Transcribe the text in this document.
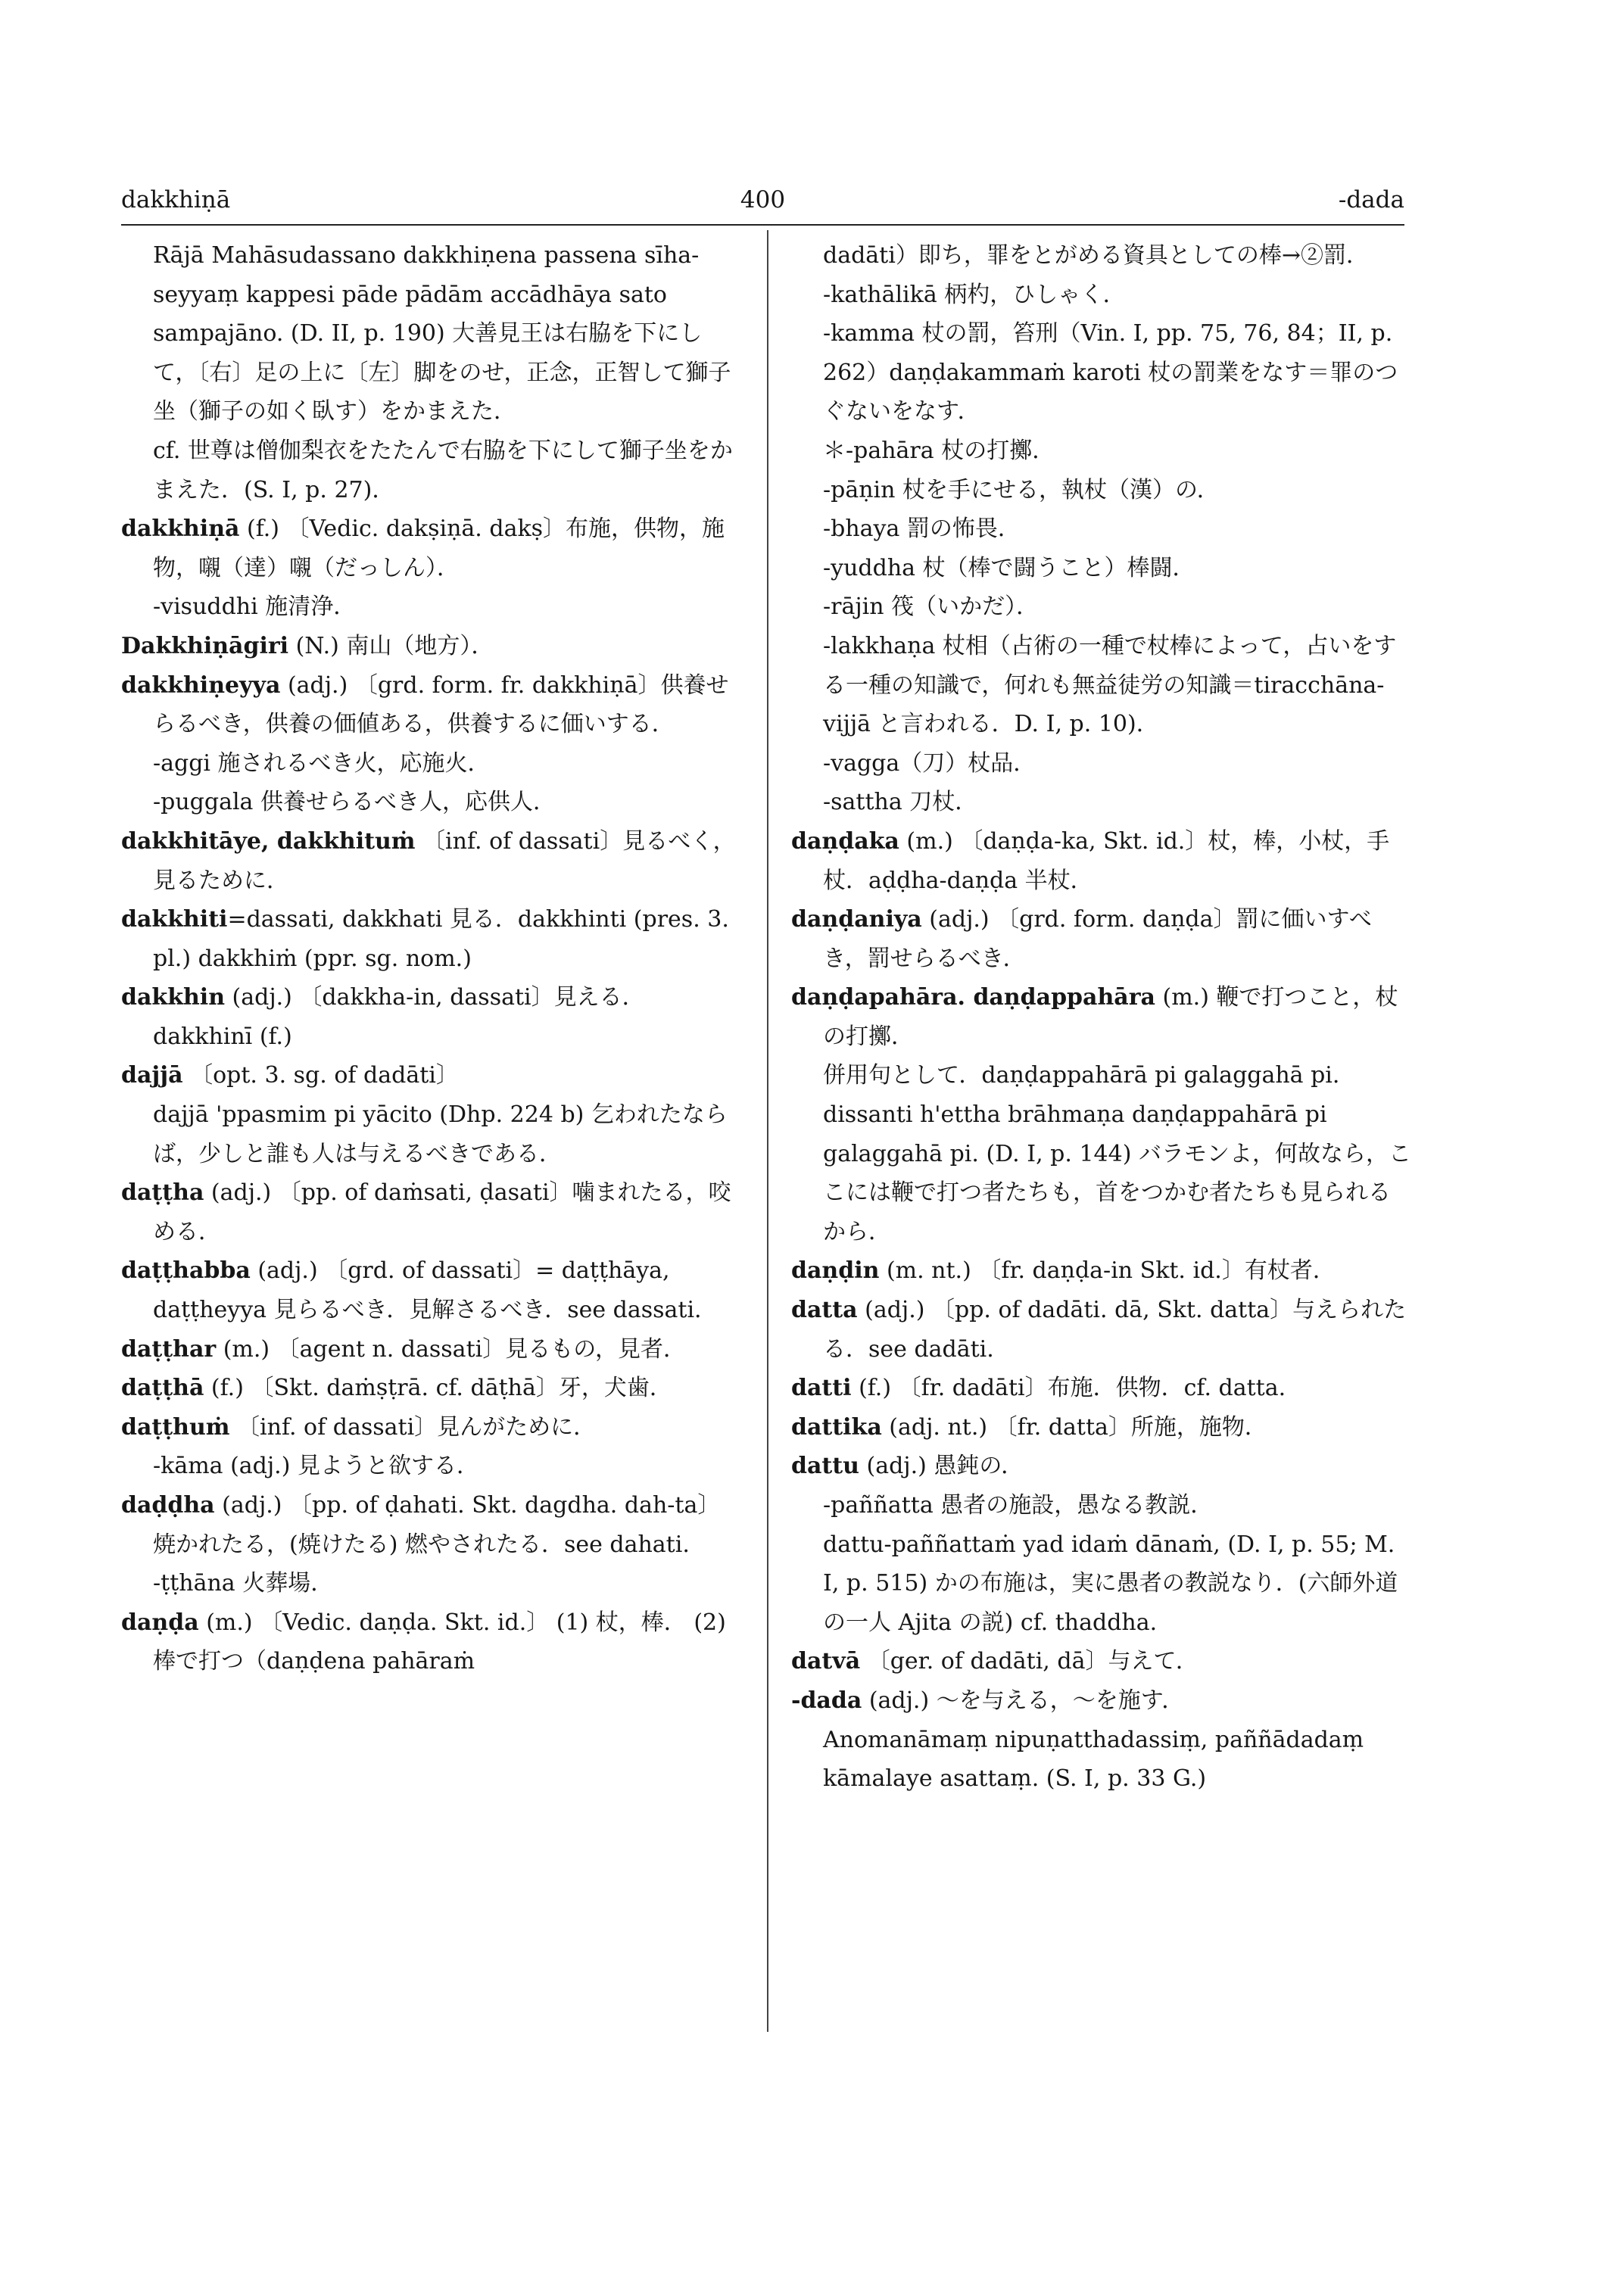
dakkhiṇā	400	-dada

Rājā Mahāsudassano dakkhiṇena passena sīha-seyyaṃ kappesi pāde pādām accādhāya sato sampajāno. (D. II, p. 190) 大善見王は右脇を下にして，〔右〕足の上に〔左〕脚をのせ，正念，正智して獅子坐（獅子の如く臥す）をかまえた．

cf. 世尊は僧伽梨衣をたたんで右脇を下にして獅子坐をかまえた．(S. I, p. 27)．

dakkhiṇā (f.) 〔Vedic. dakṣiṇā. dakṣ〕布施，供物，施物，嚫（達）嚫（だっしん）．

-visuddhi 施清浄．

Dakkhiṇāgiri (N.) 南山（地方）．

dakkhiṇeyya (adj.) 〔grd. form. fr. dakkhiṇā〕供養せらるべき，供養の価値ある，供養するに価いする．

-aggi 施されるべき火，応施火．

-puggala 供養せらるべき人，応供人．

dakkhitāye, dakkhituṁ 〔inf. of dassati〕見るべく，見るために．

dakkhiti=dassati, dakkhati 見る．dakkhinti (pres. 3. pl.) dakkhiṁ (ppr. sg. nom.)

dakkhin (adj.) 〔dakkha-in, dassati〕見える．

dakkhinī (f.)

dajjā 〔opt. 3. sg. of dadāti〕

dajjā 'ppasmim pi yācito (Dhp. 224 b) 乞われたならば，少しと誰も人は与えるべきである．

daṭṭha (adj.) 〔pp. of daṁsati, ḍasati〕噛まれたる，咬める．

daṭṭhabba (adj.) 〔grd. of dassati〕= daṭṭhāya, daṭṭheyya 見らるべき．見解さるべき．see dassati.

daṭṭhar (m.) 〔agent n. dassati〕見るもの，見者．

daṭṭhā (f.) 〔Skt. daṁṣṭrā. cf. dāṭhā〕牙，犬歯．

daṭṭhuṁ 〔inf. of dassati〕見んがために．

-kāma (adj.) 見ようと欲する．

daḍḍha (adj.) 〔pp. of ḍahati. Skt. dagdha. dah-ta〕焼かれたる，(焼けたる) 燃やされたる．see dahati.

-ṭṭhāna 火葬場．

daṇḍa (m.) 〔Vedic. daṇḍa. Skt. id.〕 (1) 杖，棒． (2) 棒で打つ（daṇḍena pahāraṁ

dadāti）即ち，罪をとがめる資具としての棒→②罰．

-kathālikā 柄杓，ひしゃく．

-kamma 杖の罰，笞刑（Vin. I, pp. 75, 76, 84；II, p. 262）daṇḍakammaṁ karoti 杖の罰業をなす＝罪のつぐないをなす．

＊-pahāra 杖の打擲．

-pāṇin 杖を手にせる，執杖（漢）の．

-bhaya 罰の怖畏．

-yuddha 杖（棒で闘うこと）棒闘．

-rājin 筏（いかだ）．

-lakkhaṇa 杖相（占術の一種で杖棒によって，占いをする一種の知識で，何れも無益徒労の知識＝tiracchāna-vijjā と言われる．D. I, p. 10)．

-vagga（刀）杖品．

-sattha 刀杖．

daṇḍaka (m.) 〔daṇḍa-ka, Skt. id.〕杖，棒，小杖，手杖．aḍḍha-daṇḍa 半杖．

daṇḍaniya (adj.) 〔grd. form. daṇḍa〕罰に価いすべき，罰せらるべき．

daṇḍapahāra. daṇḍappahāra (m.) 鞭で打つこと，杖の打擲．

併用句として．daṇḍappahārā pi galaggahā pi. dissanti h'ettha brāhmaṇa daṇḍappahārā pi galaggahā pi. (D. I, p. 144) バラモンよ，何故なら，ここには鞭で打つ者たちも，首をつかむ者たちも見られるから．

daṇḍin (m. nt.) 〔fr. daṇḍa-in Skt. id.〕有杖者．

datta (adj.) 〔pp. of dadāti. dā, Skt. datta〕与えられたる．see dadāti.

datti (f.) 〔fr. dadāti〕布施．供物．cf. datta.

dattika (adj. nt.) 〔fr. datta〕所施，施物．

dattu (adj.) 愚鈍の．

-paññatta 愚者の施設，愚なる教説．

dattu-paññattaṁ yad idaṁ dānaṁ, (D. I, p. 55; M. I, p. 515) かの布施は，実に愚者の教説なり．(六師外道の一人 Ajita の説) cf. thaddha.

datvā 〔ger. of dadāti, dā〕与えて．

-dada (adj.) ～を与える，～を施す．

Anomanāmaṃ nipuṇatthadassiṃ, paññādadaṃ kāmalaye asattaṃ. (S. I, p. 33 G.)
